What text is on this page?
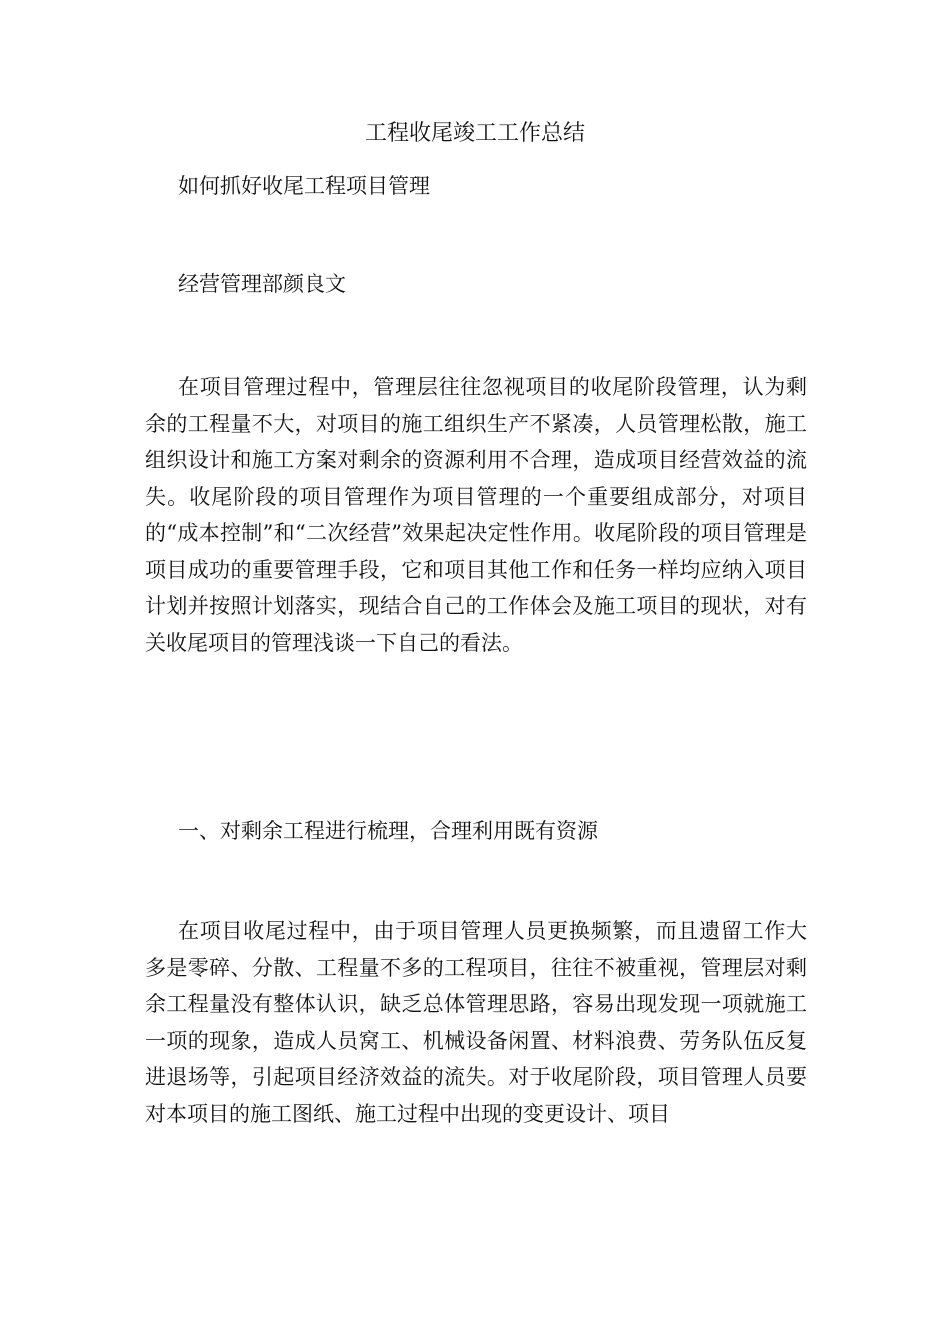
工程收尾竣工工作总结

如何抓好收尾工程项目管理

经营管理部颜良文

在项目管理过程中，管理层往往忽视项目的收尾阶段管理，认为剩余的工程量不大，对项目的施工组织生产不紧凑，人员管理松散，施工组织设计和施工方案对剩余的资源利用不合理，造成项目经营效益的流失。收尾阶段的项目管理作为项目管理的一个重要组成部分，对项目的“成本控制”和“二次经营”效果起决定性作用。收尾阶段的项目管理是项目成功的重要管理手段，它和项目其他工作和任务一样均应纳入项目计划并按照计划落实，现结合自己的工作体会及施工项目的现状，对有关收尾项目的管理浅谈一下自己的看法。

一、对剩余工程进行梳理，合理利用既有资源

在项目收尾过程中，由于项目管理人员更换频繁，而且遗留工作大多是零碎、分散、工程量不多的工程项目，往往不被重视，管理层对剩余工程量没有整体认识，缺乏总体管理思路，容易出现发现一项就施工一项的现象，造成人员窝工、机械设备闲置、材料浪费、劳务队伍反复进退场等，引起项目经济效益的流失。对于收尾阶段，项目管理人员要对本项目的施工图纸、施工过程中出现的变更设计、项目
